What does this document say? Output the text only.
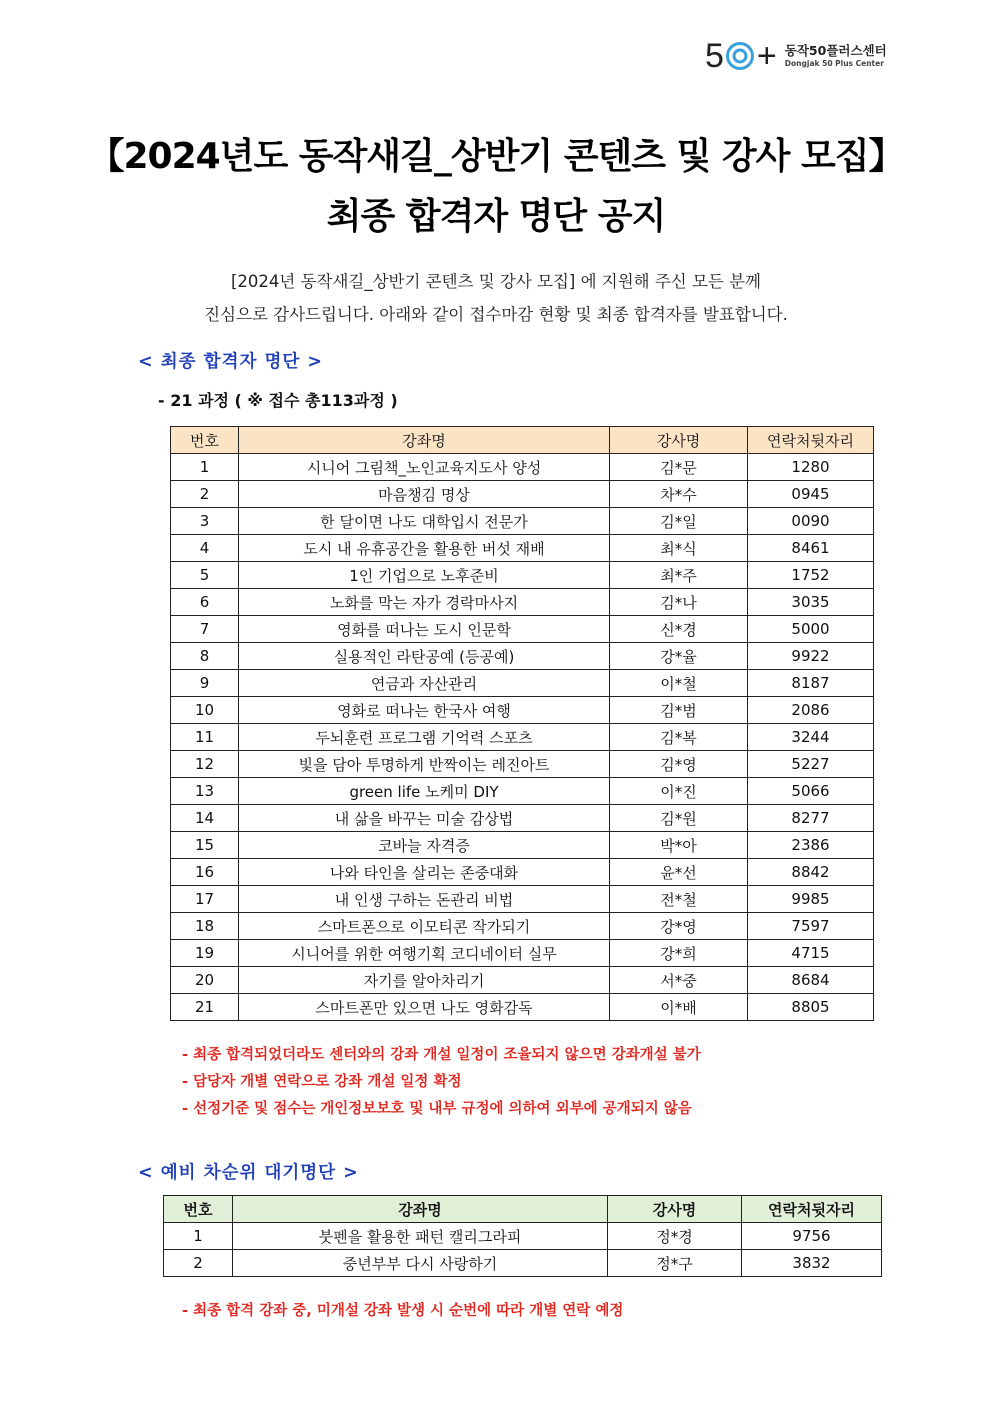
5 + 동작50플러스센터
Dongjak 50 Plus Center
【2024년도 동작새길_상반기 콘텐츠 및 강사 모집】
최종 합격자 명단 공지
[2024년 동작새길_상반기 콘텐츠 및 강사 모집] 에 지원해 주신 모든 분께
진심으로 감사드립니다. 아래와 같이 접수마감 현황 및 최종 합격자를 발표합니다.
< 최종 합격자 명단 >
- 21 과정 ( ※ 접수 총113과정 )
번호	강좌명	강사명	연락처뒷자리
1	시니어 그림책_노인교육지도사 양성	김*문	1280
2	마음챙김 명상	차*수	0945
3	한 달이면 나도 대학입시 전문가	김*일	0090
4	도시 내 유휴공간을 활용한 버섯 재배	최*식	8461
5	1인 기업으로 노후준비	최*주	1752
6	노화를 막는 자가 경락마사지	김*나	3035
7	영화를 떠나는 도시 인문학	신*경	5000
8	실용적인 라탄공예 (등공예)	강*율	9922
9	연금과 자산관리	이*철	8187
10	영화로 떠나는 한국사 여행	김*범	2086
11	두뇌훈련 프로그램 기억력 스포츠	김*복	3244
12	빛을 담아 투명하게 반짝이는 레진아트	김*영	5227
13	green life 노케미 DIY	이*진	5066
14	내 삶을 바꾸는 미술 감상법	김*원	8277
15	코바늘 자격증	박*아	2386
16	나와 타인을 살리는 존중대화	윤*선	8842
17	내 인생 구하는 돈관리 비법	전*철	9985
18	스마트폰으로 이모티콘 작가되기	강*영	7597
19	시니어를 위한 여행기획 코디네이터 실무	강*희	4715
20	자기를 알아차리기	서*중	8684
21	스마트폰만 있으면 나도 영화감독	이*배	8805
- 최종 합격되었더라도 센터와의 강좌 개설 일정이 조율되지 않으면 강좌개설 불가
- 담당자 개별 연락으로 강좌 개설 일정 확정
- 선정기준 및 점수는 개인정보보호 및 내부 규정에 의하여 외부에 공개되지 않음
< 예비 차순위 대기명단 >
번호	강좌명	강사명	연락처뒷자리
1	붓펜을 활용한 패턴 캘리그라피	정*경	9756
2	중년부부 다시 사랑하기	정*구	3832
- 최종 합격 강좌 중, 미개설 강좌 발생 시 순번에 따라 개별 연락 예정
